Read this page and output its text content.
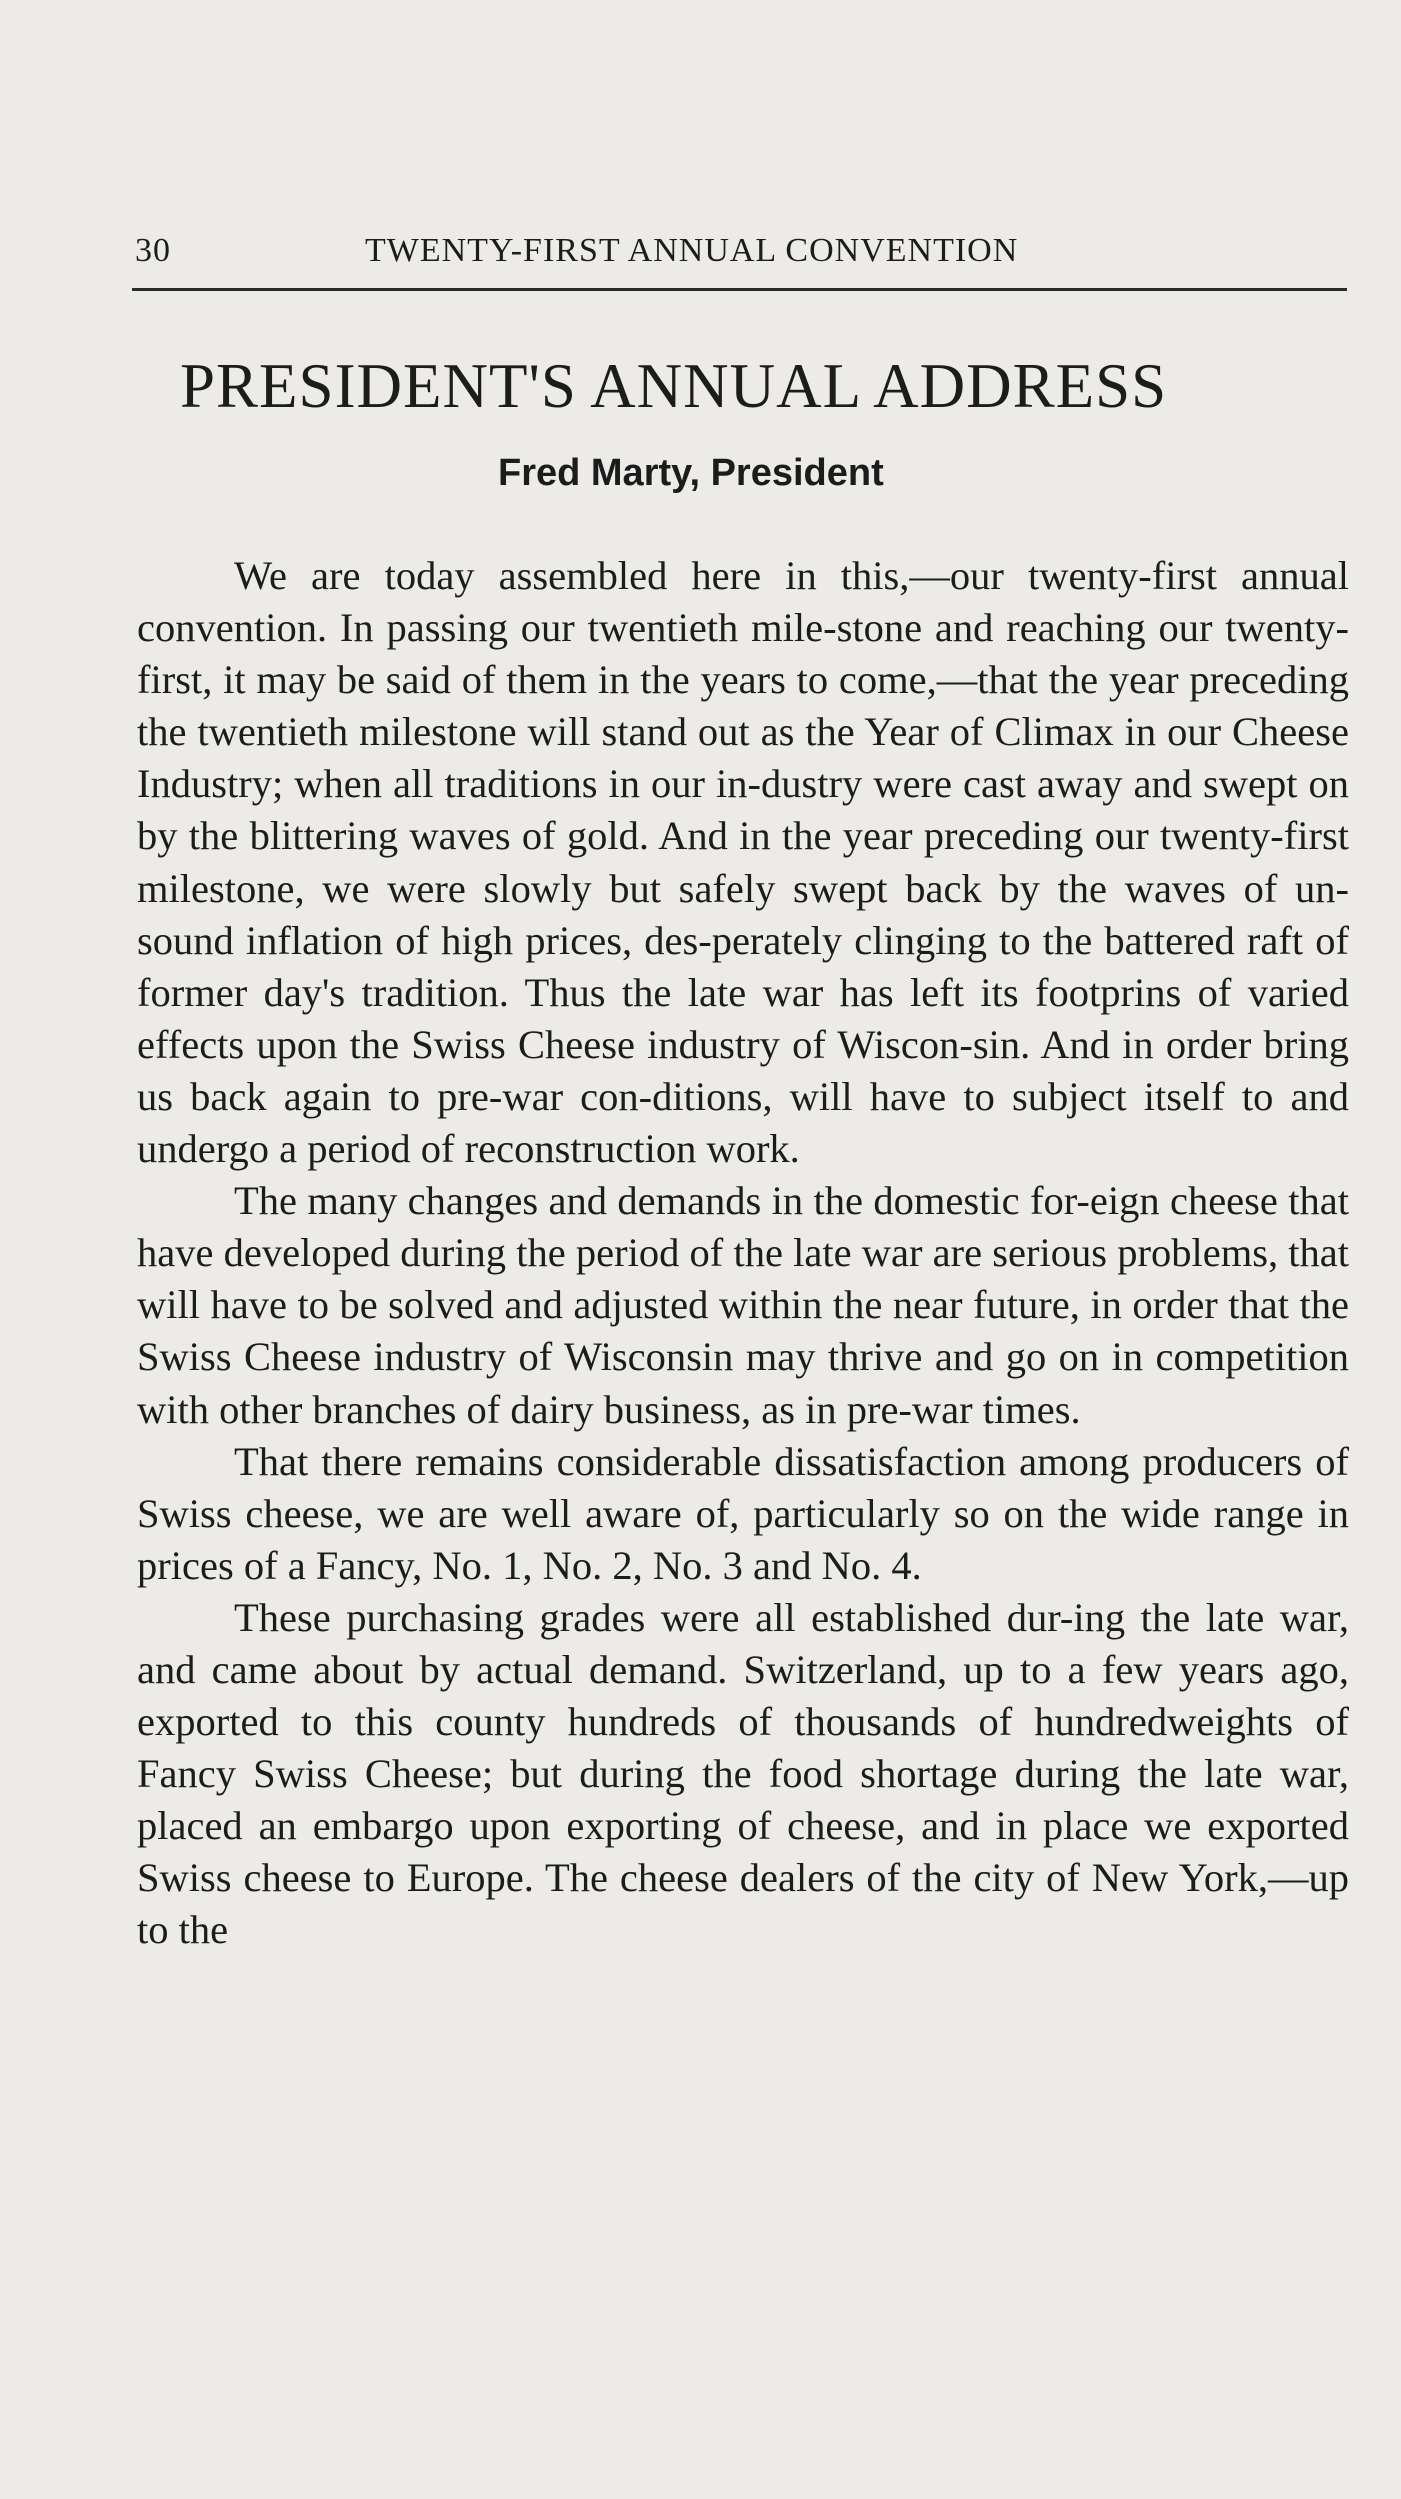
30	TWENTY-FIRST ANNUAL CONVENTION
PRESIDENT'S ANNUAL ADDRESS
Fred Marty, President

We are today assembled here in this,—our twenty-first annual convention. In passing our twentieth mile-stone and reaching our twenty-first, it may be said of them in the years to come,—that the year preceding the twentieth milestone will stand out as the Year of Climax in our Cheese Industry; when all traditions in our in-dustry were cast away and swept on by the blittering waves of gold. And in the year preceding our twenty-first milestone, we were slowly but safely swept back by the waves of un-sound inflation of high prices, des-perately clinging to the battered raft of former day's tradition. Thus the late war has left its footprins of varied effects upon the Swiss Cheese industry of Wiscon-sin. And in order bring us back again to pre-war con-ditions, will have to subject itself to and undergo a period of reconstruction work.

The many changes and demands in the domestic for-eign cheese that have developed during the period of the late war are serious problems, that will have to be solved and adjusted within the near future, in order that the Swiss Cheese industry of Wisconsin may thrive and go on in competition with other branches of dairy business, as in pre-war times.

That there remains considerable dissatisfaction among producers of Swiss cheese, we are well aware of, particularly so on the wide range in prices of a Fancy, No. 1, No. 2, No. 3 and No. 4.

These purchasing grades were all established dur-ing the late war, and came about by actual demand. Switzerland, up to a few years ago, exported to this county hundreds of thousands of hundredweights of Fancy Swiss Cheese; but during the food shortage during the late war, placed an embargo upon exporting of cheese, and in place we exported Swiss cheese to Europe. The cheese dealers of the city of New York,—up to the
